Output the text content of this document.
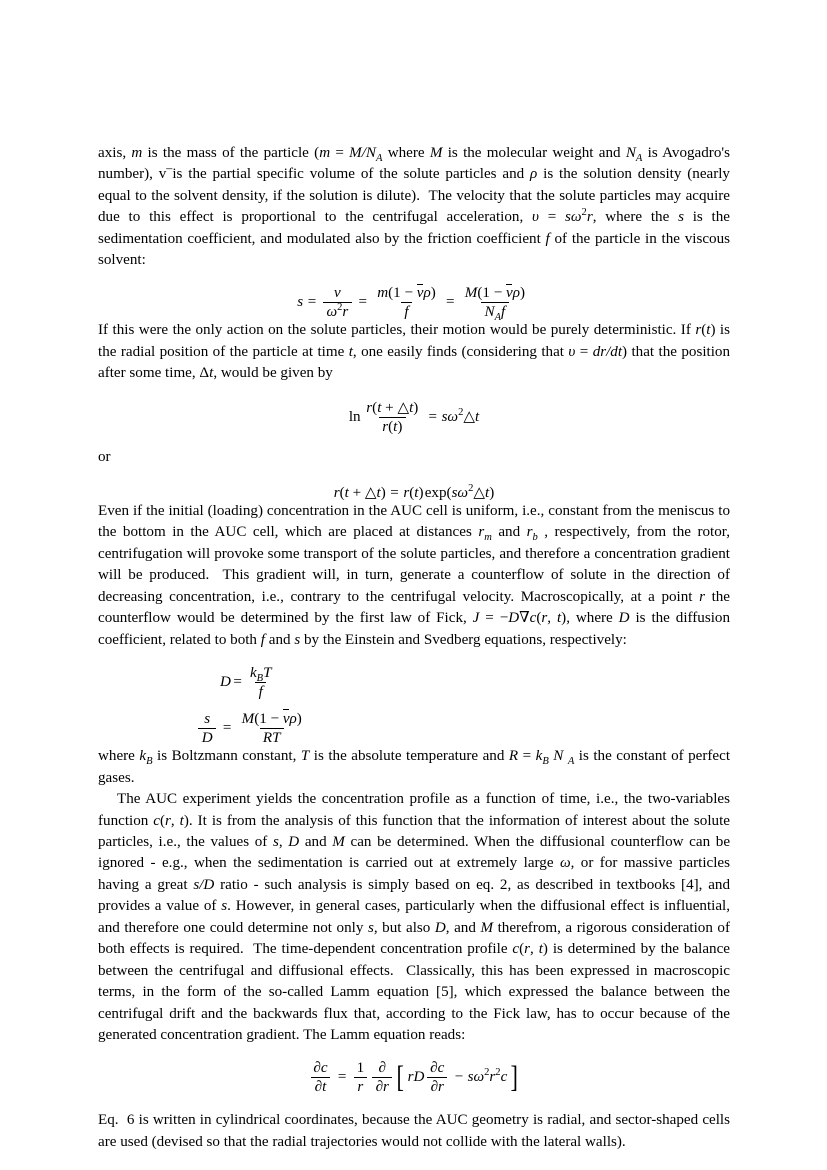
axis, m is the mass of the particle ($m = M/N_A$ where M is the molecular weight and $N_A$ is Avogadro's number), v–is the partial specific volume of the solute particles and ρ is the solution density (nearly equal to the solvent density, if the solution is dilute).  The velocity that the solute particles may acquire due to this effect is proportional to the centrifugal acceleration, $\upsilon = s\omega^2r$, where the s is the sedimentation coefficient, and modulated also by the friction coefficient f of the particle in the viscous solvent:

$s = \frac{\nu}{\omega^2r} = \frac{m(1 - \nu\rho)}{f} = \frac{M(1 - \nu\rho)}{N_Af}$

If this were the only action on the solute particles, their motion would be purely deterministic. If r(t) is the radial position of the particle at time t, one easily finds (considering that υ = dr/dt) that the position after some time, Δt, would be given by

$\ln \frac{r(t + \triangle t)}{r(t)}$ = $s\omega^2\triangle t$
or
r(t + △t) = r(t) $\exp(s\omega^2\triangle t)$

Even if the initial (loading) concentration in the AUC cell is uniform, i.e., constant from the meniscus to the bottom in the AUC cell, which are placed at distances $r_m$ and $r_b$ , respectively, from the rotor, centrifugation will provoke some transport of the solute particles, and therefore a concentration gradient will be produced.  This gradient will, in turn, generate a counterflow of solute in the direction of decreasing concentration, i.e., contrary to the centrifugal velocity. Macroscopically, at a point r the counterflow would be determined by the first law of Fick, J = −D∇c(r, t), where D is the diffusion coefficient, related to both f and s by the Einstein and Svedberg equations, respectively:

$D = \frac{k_BT}{f}$
$\frac{s}{D} = \frac{M(1 - \nu\rho)}{RT}$

where $k_B$ is Boltzmann constant, T is the absolute temperature and $R = k_B$ N $_A$ is the constant of perfect gases.

The AUC experiment yields the concentration profile as a function of time, i.e., the two-variables function c(r, t). It is from the analysis of this function that the information of interest about the solute particles, i.e., the values of s, D and M can be determined. When the diffusional counterflow can be ignored - e.g., when the sedimentation is carried out at extremely large ω, or for massive particles having a great s/D ratio - such analysis is simply based on eq. 2, as described in textbooks [4], and provides a value of s. However, in general cases, particularly when the diffusional effect is influential, and therefore one could determine not only s, but also D, and M therefrom, a rigorous consideration of both effects is required.  The time-dependent concentration profile c(r, t) is determined by the balance between the centrifugal and diffusional effects.  Classically, this has been expressed in macroscopic terms, in the form of the so-called Lamm equation [5], which expressed the balance between the centrifugal drift and the backwards flux that, according to the Fick law, has to occur because of the generated concentration gradient. The Lamm equation reads:

$\frac{\partial c}{\partial t} = \frac{1}{r} \frac{\partial}{\partial r}$ [ rD $\frac{\partial c}{\partial r} - s\omega^2r^2c$ ]

Eq.  6 is written in cylindrical coordinates, because the AUC geometry is radial, and sector-shaped cells are used (devised so that the radial trajectories would not collide with the lateral walls).
